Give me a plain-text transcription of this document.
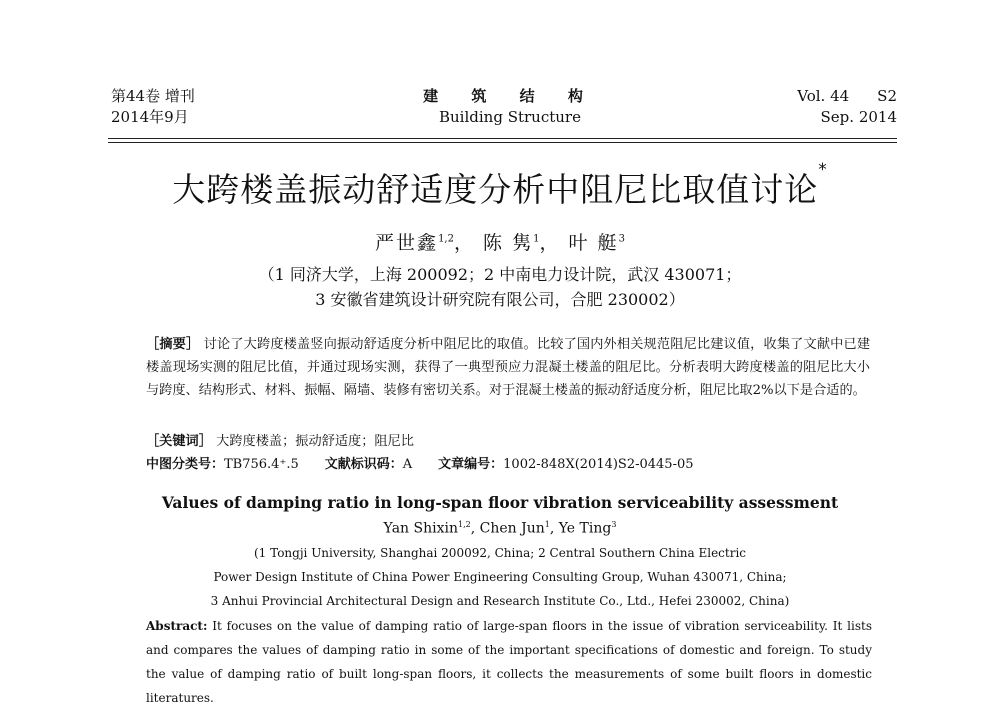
第44卷 增刊
2014年9月
建 筑 结 构
Building Structure
Vol. 44 S2
Sep. 2014
大跨楼盖振动舒适度分析中阻尼比取值讨论*
严世鑫$^{1,2}$， 陈 隽$^1$， 叶 艇$^3$
（1 同济大学，上海 200092；2 中南电力设计院，武汉 430071；
3 安徽省建筑设计研究院有限公司，合肥 230002）
［摘要］ 讨论了大跨度楼盖竖向振动舒适度分析中阻尼比的取值。比较了国内外相关规范阻尼比建议值，收集了文献中已建楼盖现场实测的阻尼比值，并通过现场实测，获得了一典型预应力混凝土楼盖的阻尼比。分析表明大跨度楼盖的阻尼比大小与跨度、结构形式、材料、振幅、隔墙、装修有密切关系。对于混凝土楼盖的振动舒适度分析，阻尼比取2%以下是合适的。
［关键词］ 大跨度楼盖；振动舒适度；阻尼比
中图分类号：TB756.4⁺.5 文献标识码：A 文章编号：1002-848X(2014)S2-0445-05
Values of damping ratio in long-span floor vibration serviceability assessment
Yan Shixin$^{1,2}$, Chen Jun$^1$, Ye Ting$^3$
(1 Tongji University, Shanghai 200092, China; 2 Central Southern China Electric
Power Design Institute of China Power Engineering Consulting Group, Wuhan 430071, China;
3 Anhui Provincial Architectural Design and Research Institute Co., Ltd., Hefei 230002, China)
Abstract: It focuses on the value of damping ratio of large-span floors in the issue of vibration serviceability. It lists and compares the values of damping ratio in some of the important specifications of domestic and foreign. To study the value of damping ratio of built long-span floors, it collects the measurements of some built floors in domestic literatures.
